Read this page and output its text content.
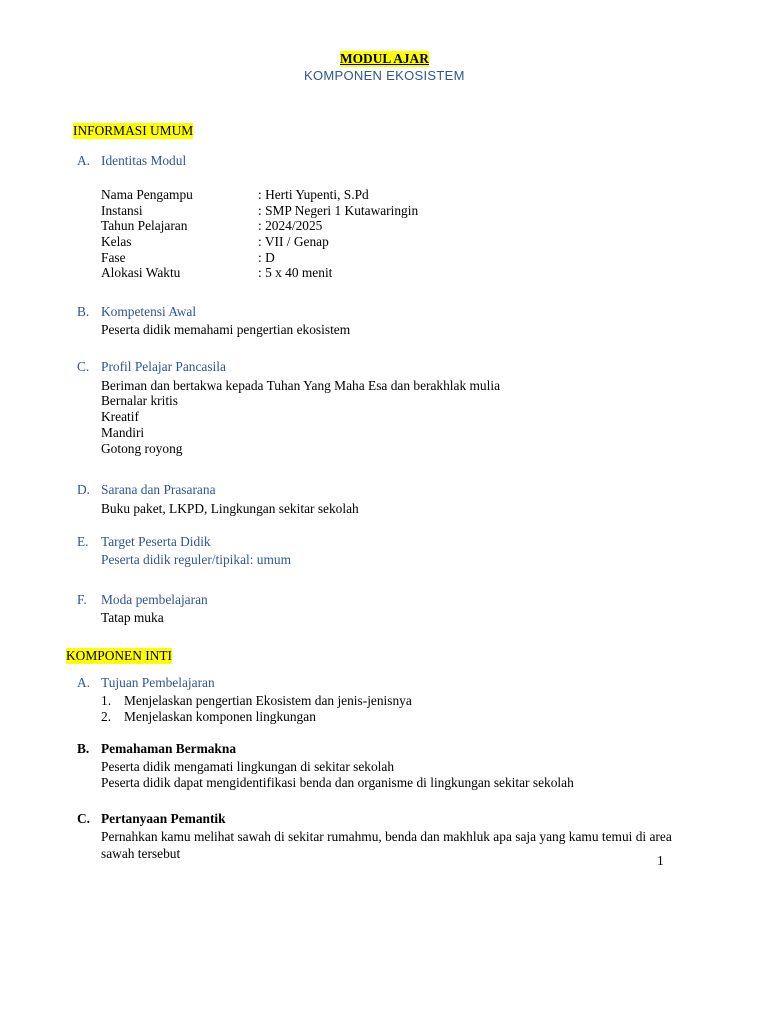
MODUL AJAR
KOMPONEN EKOSISTEM
INFORMASI UMUM
A. Identitas Modul
Nama Pengampu	: Herti Yupenti, S.Pd
Instansi	: SMP Negeri 1 Kutawaringin
Tahun Pelajaran	: 2024/2025
Kelas	: VII / Genap
Fase	: D
Alokasi Waktu	: 5 x 40 menit
B. Kompetensi Awal
Peserta didik memahami pengertian ekosistem
C. Profil Pelajar Pancasila
Beriman dan bertakwa kepada Tuhan Yang Maha Esa dan berakhlak mulia
Bernalar kritis
Kreatif
Mandiri
Gotong royong
D. Sarana dan Prasarana
Buku paket, LKPD, Lingkungan sekitar sekolah
E. Target Peserta Didik
Peserta didik reguler/tipikal: umum
F.	Moda pembelajaran
Tatap muka
KOMPONEN INTI
A. Tujuan Pembelajaran
1. Menjelaskan pengertian Ekosistem dan jenis-jenisnya
2. Menjelaskan komponen lingkungan
B. Pemahaman Bermakna
Peserta didik mengamati lingkungan di sekitar sekolah
Peserta didik dapat mengidentifikasi benda dan organisme di lingkungan sekitar sekolah
C. Pertanyaan Pemantik
Pernahkan kamu melihat sawah di sekitar rumahmu, benda dan makhluk apa saja yang kamu temui di area
sawah tersebut	1
